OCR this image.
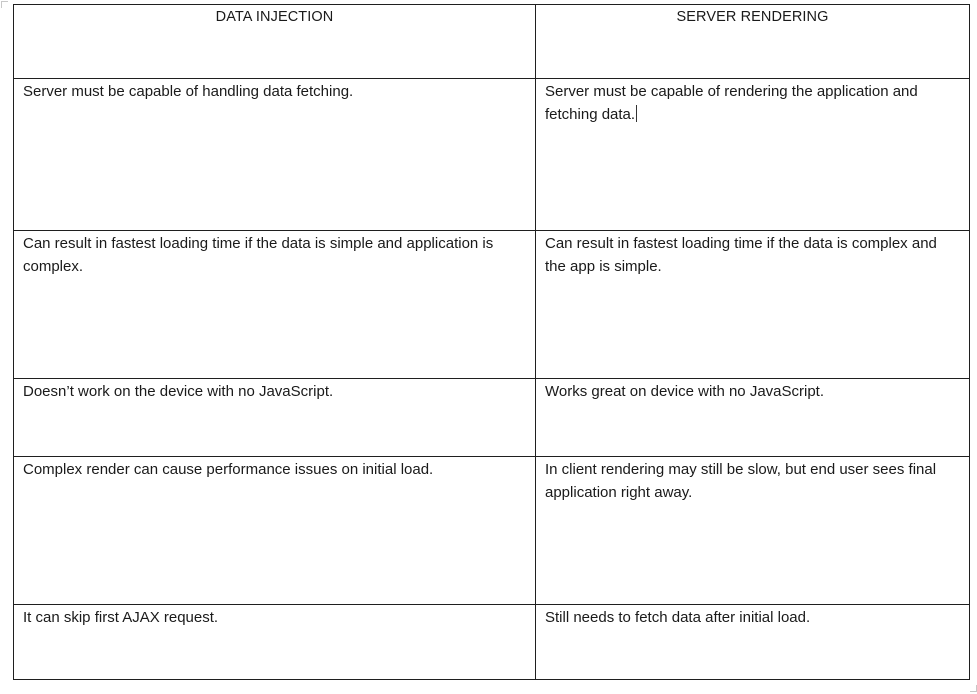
DATA INJECTION	SERVER RENDERING

Server must be capable of handling data fetching.	Server must be capable of rendering the application and fetching data.

Can result in fastest loading time if the data is simple and application is complex.	Can result in fastest loading time if the data is complex and the app is simple.

Doesn’t work on the device with no JavaScript.	Works great on device with no JavaScript.

Complex render can cause performance issues on initial load.	In client rendering may still be slow, but end user sees final application right away.

It can skip first AJAX request.	Still needs to fetch data after initial load.
